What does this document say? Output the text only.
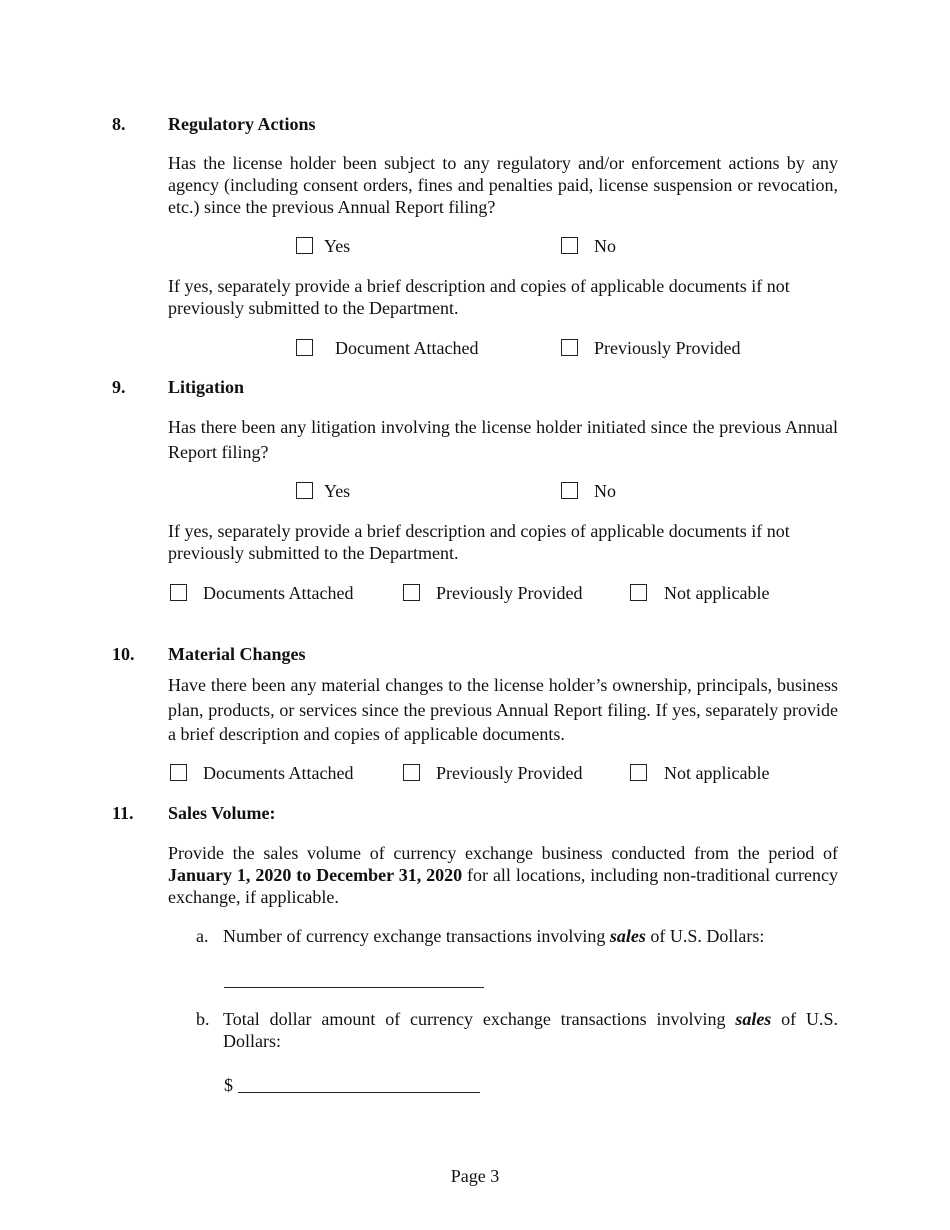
8. Regulatory Actions
Has the license holder been subject to any regulatory and/or enforcement actions by any agency (including consent orders, fines and penalties paid, license suspension or revocation, etc.) since the previous Annual Report filing?
Yes	No
If yes, separately provide a brief description and copies of applicable documents if not previously submitted to the Department.
Document Attached	Previously Provided
9. Litigation
Has there been any litigation involving the license holder initiated since the previous Annual Report filing?
Yes	No
If yes, separately provide a brief description and copies of applicable documents if not previously submitted to the Department.
Documents Attached	Previously Provided	Not applicable
10. Material Changes
Have there been any material changes to the license holder’s ownership, principals, business plan, products, or services since the previous Annual Report filing. If yes, separately provide a brief description and copies of applicable documents.
Documents Attached	Previously Provided	Not applicable
11. Sales Volume:
Provide the sales volume of currency exchange business conducted from the period of January 1, 2020 to December 31, 2020 for all locations, including non-traditional currency exchange, if applicable.
a. Number of currency exchange transactions involving sales of U.S. Dollars:
b. Total dollar amount of currency exchange transactions involving sales of U.S. Dollars:
$
Page 3
